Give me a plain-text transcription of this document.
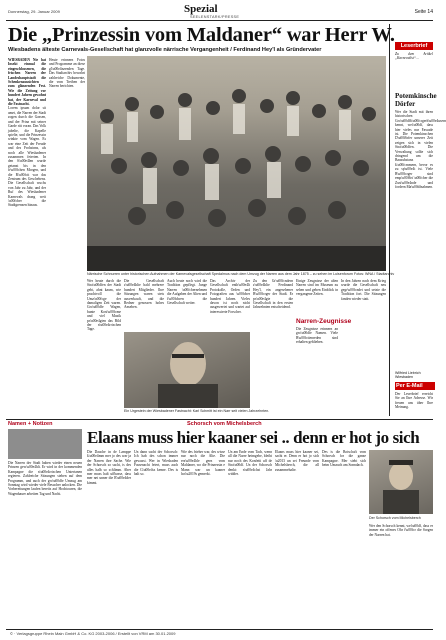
Donnerstag, 29. Januar 2009	Spezial
SEELENSTARK/PRESSE
Seite 14
Die „Prinzessin vom Maldaner“ war Herr W.
Wiesbadens älteste Carnevals-Gesellschaft hat glanzvolle närrische Vergangenheit / Ferdinand Hey'l als Gründervater
WIESBADEN Nie hat Insekt einmal die eingeschlossenen, die frischen Narren der Landeshauptstadt die Schenkenaussichten zum glänzenden Fest. Wie die Zeitung vor hundert Jahren gewohnt hat, der Karneval und die Fastnacht.
Lorem ipsum dolor sit amet, die Narren der Stadt zogen durch die Gassen, und der Prinz mit seiner Garde ritt voran. Das Volk jubelte, die Kapelle spielte, und die Prinzessin winkte vom Wagen. Es war eine Zeit der Freude und des Frohsinns, als noch alle Wiesbadener zusammen feierten. In den S\u00e4len wurde getanzt bis in den fr\u00fchen Morgen, und die B\u00fctt war das Zentrum des Geschehens. Die Gesellschaft wuchs von Jahr zu Jahr, und der Ruf des Wiesbadener Karnevals drang weit \u00fcber die Stadtgrenzen hinaus.
Heute erinnern Fotos und Programme an diese gl\u00e4nzenden Tage. Das Stadtarchiv bewahrt zahlreiche Dokumente, die vom Treiben der Narren berichten.
Närrische Schnurren unter historischen Aufnahmen der Karnevalsgesellschaft Spedalmus nach dem Umzug der Narren aus dem Jahr 1875 – zu sehen im Luisenforum Fotos: WNA / Stadtarchiv
Wer heute durch die Stra\u00dfen der Stadt geht, ahnt kaum, wie prachtvoll die Umz\u00fcge der damaligen Zeit waren. Gro\u00dfe Wagen, bunte Kost\u00fcme und viel Musik pr\u00e4gten das Bild der n\u00e4rrischen Tage.
Die Gesellschaft z\u00e4hlte bald mehrere hundert Mitglieder. Ihre Sitzungen waren stets ausverkauft, und die Redner genossen hohes Ansehen.
Auch heute noch wird die Tradition gepflegt. Junge Narren \u00fcbernehmen die Aufgaben der Alten und f\u00fchren die Gesellschaft weiter.
Das Archiv der Gesellschaft enth\u00e4lt Protokolle, Orden und Fotografien aus \u00fcber hundert Jahren. Vieles davon ist noch nicht ausgewertet und wartet auf interessierte Forscher.
Zu den Gr\u00fcndern z\u00e4hlte Ferdinand Hey'l, ein angesehener B\u00fcrger der Stadt. Er pr\u00e4gte die Gesellschaft in den ersten Jahrzehnten entscheidend.
Ein Urgestein der Wiesbadener Fastnacht: Karl Schmitt ist ein Narr seit vielen Jahrzehnten.
Einige Zeugnisse der alten Narren sind im Museum zu sehen und geben Einblick in vergangene Zeiten.
Narren-Zeugnisse
Die Zeugnisse erinnern an gro\u00dfe Namen. Viele B\u00fcttenreden sind erhalten geblieben.
In den Jahren nach dem Krieg wurde die Gesellschaft neu gegr\u00fcndet und setzte die Tradition fort. Die Sitzungen fanden wieder statt.
Leserbrief
Zu dem Artikel „Karnevalist“…
Potemkinsche Dörfer
Wer die Stadt mit ihren historischen Gro\u00dfb\u00fcrgerh\u00e4usern kennt, wei\u00df, dass hier vieles nur Fassade ist. Die Potemkinschen D\u00f6rfer unserer Zeit zeigen sich in vielen Stra\u00dfen. Die Verwaltung sollte sich dringend um die Bausubstanz k\u00fcmmern, bevor es zu sp\u00e4t ist. Viele B\u00fcrger sind emp\u00f6rt \u00fcber die Zust\u00e4nde und fordern Ma\u00dfnahmen.
Wilfried Liebrich Wiesbaden
Per E-Mail
Der Leserbrief erreicht Sie an Ihre Adresse. Wir freuen uns über Ihre Meinung.
Namen + Notizen	Schorsch vom Michelsberch
Die Narren der Stadt haben wieder einen neuen Prinzen gew\u00e4hlt. Er wird in der kommenden Kampagne die n\u00e4rrischen Untertanen regieren. Zahlreiche Sitzungen stehen auf dem Programm, und auch der gro\u00dfe Umzug am Sonntag wird wieder viele Besucher anlocken. Die Vorbereitungen laufen bereits auf Hochtouren, die Wagenbauer arbeiten Tag und Nacht.
Elaans muss hier kaaner sei .. denn er hot jo sich
Die Dauche in de Lamppe k\u00e4mm mer jo des war ja der Narren ihre Sache. Wie der Schorsch so sacht, is des alles halb so schlimm. Aber mer muss halt uffbasse, dass mer net unner die R\u00e4der kimmt.
Un dann sacht der Schorsch: Ich hab des schon immer gewusst. Wer in Wiesbaden Fassenacht feiert, muss aach die G\u00e4ss kenne. Des is halt so.
Wie des frieher war, des wisse nur noch die Alte. Die erz\u00e4hle gern vom Maldaner, wo die Prinzessin e Mann war un kaaner hot\u2019s gemerkt.
Un am Ende vom Tach, wenn all die Narre heimgehe, bleibt nur noch des Konfetti uff de Stra\u00df. Un der Schorsch denkt: n\u00e4chst Jahr widder.
Elaans muss hier kaaner sei, sacht er. Denn er hot jo sich \u2013 un sei Freunde vom Michelsberch, die all zusammehalte.
Des is die Botschaft vom Schorsch for die ganze Kampagne. Mer sieht sich beim Umzuch am Sonndach.
Der Schorsch vom Michelsberch
Wer den Schorsch kennt, wei\u00df, dass er immer ein offenes Ohr f\u00fcr die Sorgen der Narren hat.
© · Verlagsgruppe Rhein Main GmbH & Co. KG 2003-2006 / Erstellt von VRM am 30.01.2009
